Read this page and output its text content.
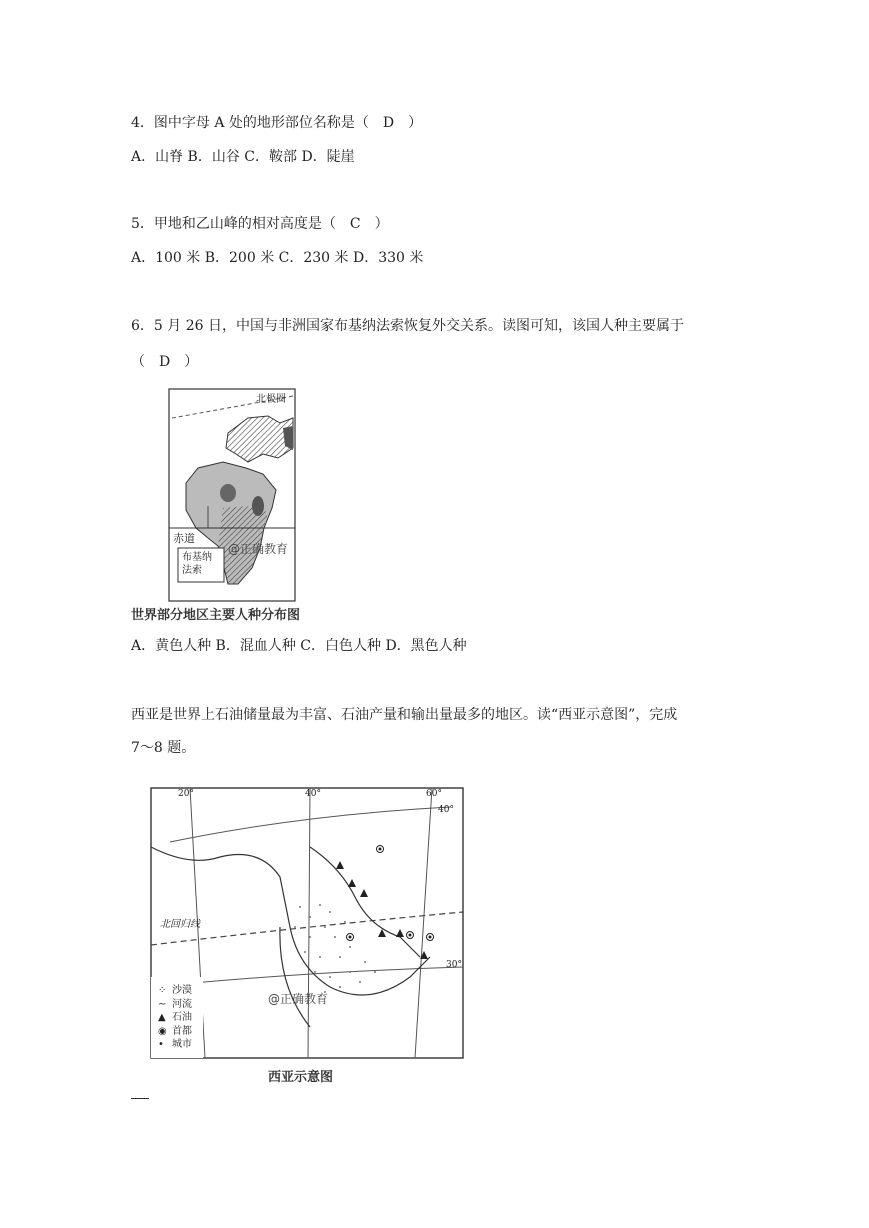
4．图中字母 A 处的地形部位名称是（　D　）
A．山脊 B．山谷 C．鞍部 D．陡崖
5．甲地和乙山峰的相对高度是（　C　）
A．100 米 B．200 米 C．230 米 D．330 米
6．5 月 26 日，中国与非洲国家布基纳法索恢复外交关系。读图可知，该国人种主要属于
（　D　）
北极圈
赤道
布基纳
法索
@正确教育
世界部分地区主要人种分布图
A．黄色人种 B．混血人种 C．白色人种 D．黑色人种
西亚是世界上石油储量最为丰富、石油产量和输出量最多的地区。读“西亚示意图”，完成
7～8 题。
20°	40°	60°
40°
30°
北回归线
@正确教育
⁘ 沙漠
∼ 河流
▲ 石油
◉ 首都
• 城市
西亚示意图
